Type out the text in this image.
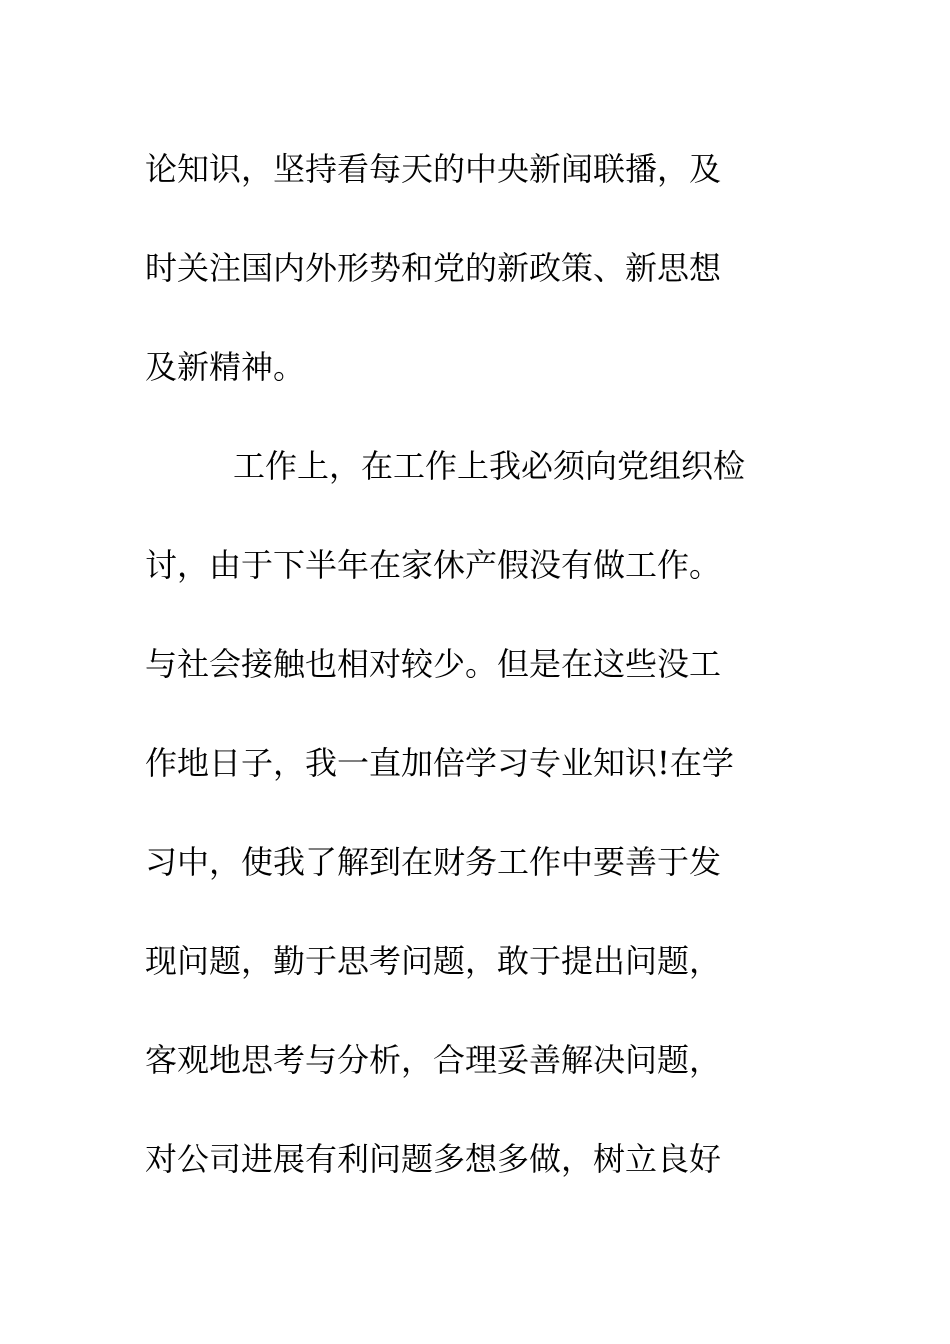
论知识，坚持看每天的中央新闻联播，及
时关注国内外形势和党的新政策、新思想
及新精神。
工作上，在工作上我必须向党组织检
讨，由于下半年在家休产假没有做工作。
与社会接触也相对较少。但是在这些没工
作地日子，我一直加倍学习专业知识!在学
习中，使我了解到在财务工作中要善于发
现问题，勤于思考问题，敢于提出问题，
客观地思考与分析，合理妥善解决问题，
对公司进展有利问题多想多做，树立良好
